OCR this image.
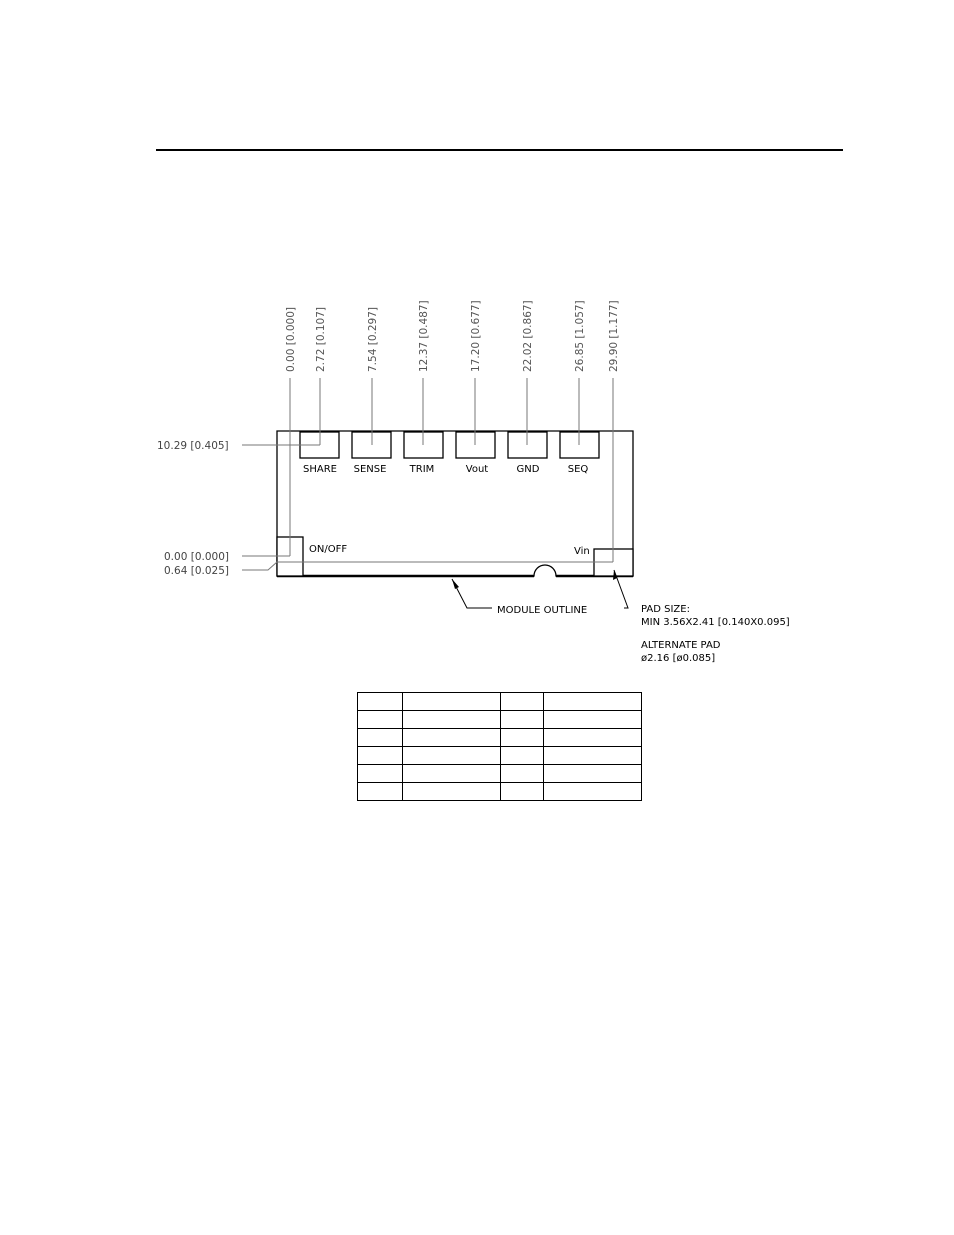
0.00 [0.000] 2.72 [0.107]	7.54 [0.297]	12.37 [0.487]	17.20 [0.677]	22.02 [0.867]	26.85 [1.057] 29.90 [1.177]
10.29 [0.405]
0.00 [0.000]
0.64 [0.025]
SHARE SENSE TRIM	Vout	GND	SEQ
ON/OFF	Vin
MODULE OUTLINE	PAD SIZE:
MIN 3.56X2.41 [0.140X0.095]
ALTERNATE PAD
ø2.16 [ø0.085]
